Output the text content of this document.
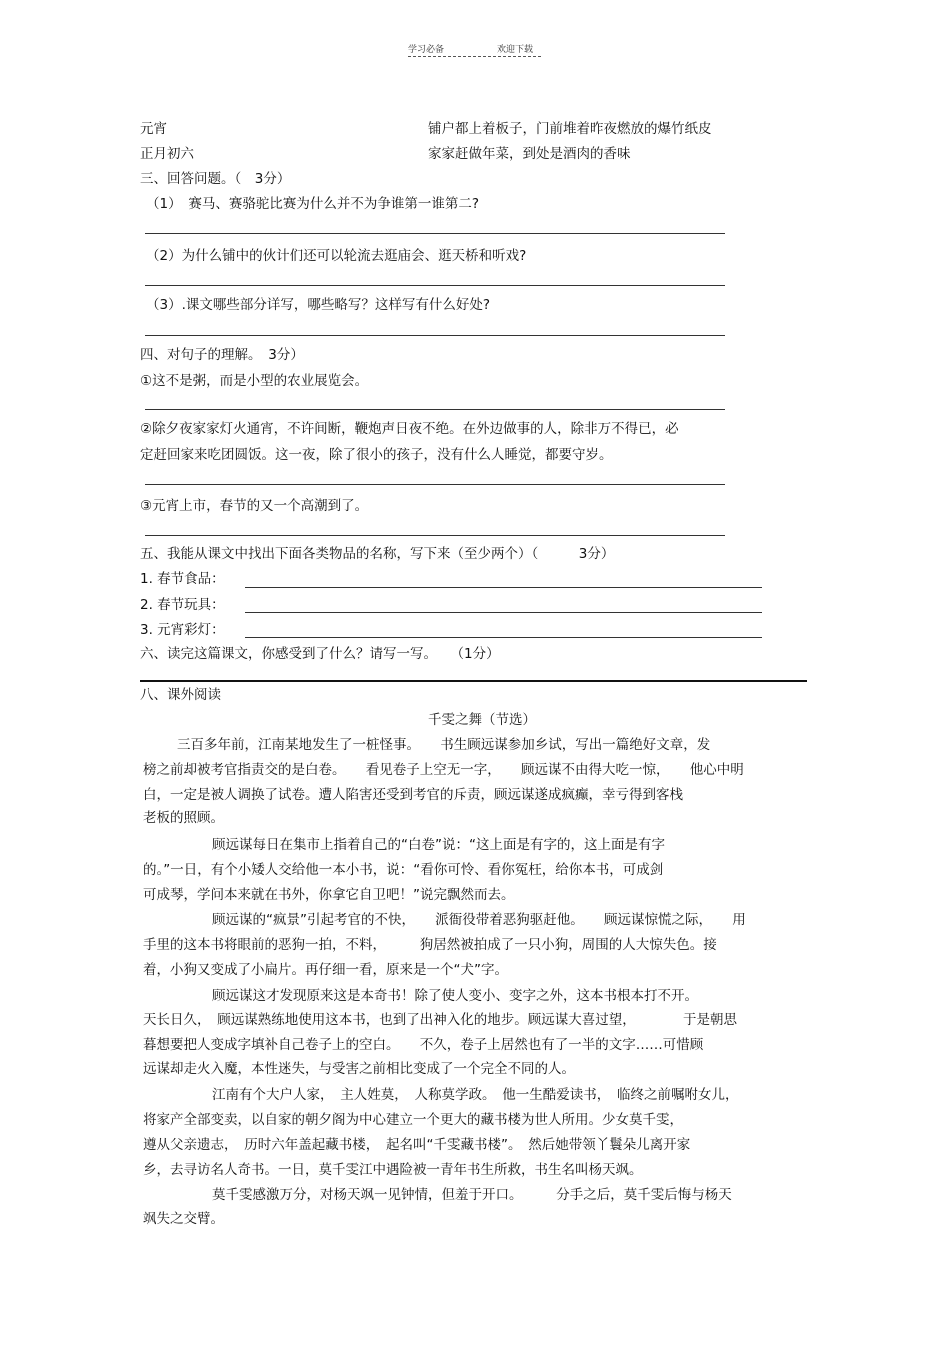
学习必备	欢迎下载
元宵	铺户都上着板子，门前堆着昨夜燃放的爆竹纸皮
正月初六	家家赶做年菜，到处是酒肉的香味
三、回答问题。（　3分）
（1）　赛马、赛骆驼比赛为什么并不为争谁第一谁第二?
（2）为什么铺中的伙计们还可以轮流去逛庙会、逛天桥和听戏?
（3）.课文哪些部分详写，哪些略写？这样写有什么好处?
四、对句子的理解。　3分）
①这不是粥，而是小型的农业展览会。
②除夕夜家家灯火通宵，不许间断，鞭炮声日夜不绝。在外边做事的人，除非万不得已，必
定赶回家来吃团圆饭。这一夜，除了很小的孩子，没有什么人睡觉，都要守岁。
③元宵上市，春节的又一个高潮到了。
五、我能从课文中找出下面各类物品的名称，写下来（至少两个）（　　　3分）
1. 春节食品：
2. 春节玩具：
3. 元宵彩灯：
六、读完这篇课文，你感受到了什么？请写一写。　　（1分）
八、课外阅读
千雯之舞（节选）
三百多年前，江南某地发生了一桩怪事。　　书生顾远谋参加乡试，写出一篇绝好文章，发
榜之前却被考官指责交的是白卷。　　看见卷子上空无一字，　　顾远谋不由得大吃一惊，　　他心中明
白，一定是被人调换了试卷。遭人陷害还受到考官的斥责，顾远谋遂成疯癫，幸亏得到客栈
老板的照顾。
顾远谋每日在集市上指着自己的“白卷”说：“这上面是有字的，这上面是有字
的。”一日，有个小矮人交给他一本小书，说：“看你可怜、看你冤枉，给你本书，可成剑
可成琴，学问本来就在书外，你拿它自卫吧！”说完飘然而去。
顾远谋的“疯景”引起考官的不快，　　派衙役带着恶狗驱赶他。　　顾远谋惊慌之际，　　用
手里的这本书将眼前的恶狗一拍，不料，　　　狗居然被拍成了一只小狗，周围的人大惊失色。接
着，小狗又变成了小扁片。再仔细一看，原来是一个“犬”字。
顾远谋这才发现原来这是本奇书！除了使人变小、变字之外，这本书根本打不开。
天长日久，　顾远谋熟练地使用这本书，也到了出神入化的地步。顾远谋大喜过望，　　　　于是朝思
暮想要把人变成字填补自己卷子上的空白。　　不久，卷子上居然也有了一半的文字……可惜顾
远谋却走火入魔，本性迷失，与受害之前相比变成了一个完全不同的人。
江南有个大户人家，　主人姓莫，　人称莫学政。　他一生酷爱读书，　临终之前嘱咐女儿，
将家产全部变卖，以自家的朝夕阁为中心建立一个更大的藏书楼为世人所用。少女莫千雯，
遵从父亲遗志，　历时六年盖起藏书楼，　起名叫“千雯藏书楼”。　然后她带领丫鬟朵儿离开家
乡，去寻访名人奇书。一日，莫千雯江中遇险被一青年书生所救，书生名叫杨天飒。
莫千雯感激万分，对杨天飒一见钟情，但羞于开口。　　　分手之后，莫千雯后悔与杨天
飒失之交臂。
